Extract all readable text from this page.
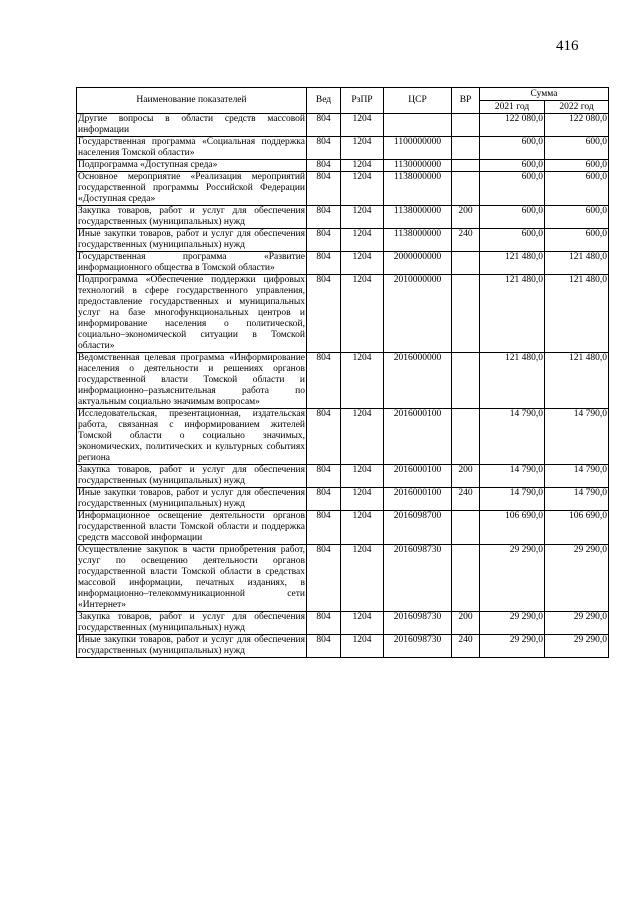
416
Наименование показателей	Вед	РзПР	ЦСР	ВР	Сумма	
					2021 год	2022 год
Другие вопросы в области средств массовой информации	804	1204			122 080,0	122 080,0
Государственная программа «Социальная поддержка населения Томской области»	804	1204	1100000000		600,0	600,0
Подпрограмма «Доступная среда»	804	1204	1130000000		600,0	600,0
Основное мероприятие «Реализация мероприятий государственной программы Российской Федерации «Доступная среда»	804	1204	1138000000		600,0	600,0
Закупка товаров, работ и услуг для обеспечения государственных (муниципальных) нужд	804	1204	1138000000	200	600,0	600,0
Иные закупки товаров, работ и услуг для обеспечения государственных (муниципальных) нужд	804	1204	1138000000	240	600,0	600,0
Государственная программа «Развитие информационного общества в Томской области»	804	1204	2000000000		121 480,0	121 480,0
Подпрограмма «Обеспечение поддержки цифровых технологий в сфере государственного управления, предоставление государственных и муниципальных услуг на базе многофункциональных центров и информирование населения о политической, социально–экономической ситуации в Томской области»	804	1204	2010000000		121 480,0	121 480,0
Ведомственная целевая программа «Информирование населения о деятельности и решениях органов государственной власти Томской области и информационно–разъяснительная работа по актуальным социально значимым вопросам»	804	1204	2016000000		121 480,0	121 480,0
Исследовательская, презентационная, издательская работа, связанная с информированием жителей Томской области о социально значимых, экономических, политических и культурных событиях региона	804	1204	2016000100		14 790,0	14 790,0
Закупка товаров, работ и услуг для обеспечения государственных (муниципальных) нужд	804	1204	2016000100	200	14 790,0	14 790,0
Иные закупки товаров, работ и услуг для обеспечения государственных (муниципальных) нужд	804	1204	2016000100	240	14 790,0	14 790,0
Информационное освещение деятельности органов государственной власти Томской области и поддержка средств массовой информации	804	1204	2016098700		106 690,0	106 690,0
Осуществление закупок в части приобретения работ, услуг по освещению деятельности органов государственной власти Томской области в средствах массовой информации, печатных изданиях, в информационно–телекоммуникационной сети «Интернет»	804	1204	2016098730		29 290,0	29 290,0
Закупка товаров, работ и услуг для обеспечения государственных (муниципальных) нужд	804	1204	2016098730	200	29 290,0	29 290,0
Иные закупки товаров, работ и услуг для обеспечения государственных (муниципальных) нужд	804	1204	2016098730	240	29 290,0	29 290,0
